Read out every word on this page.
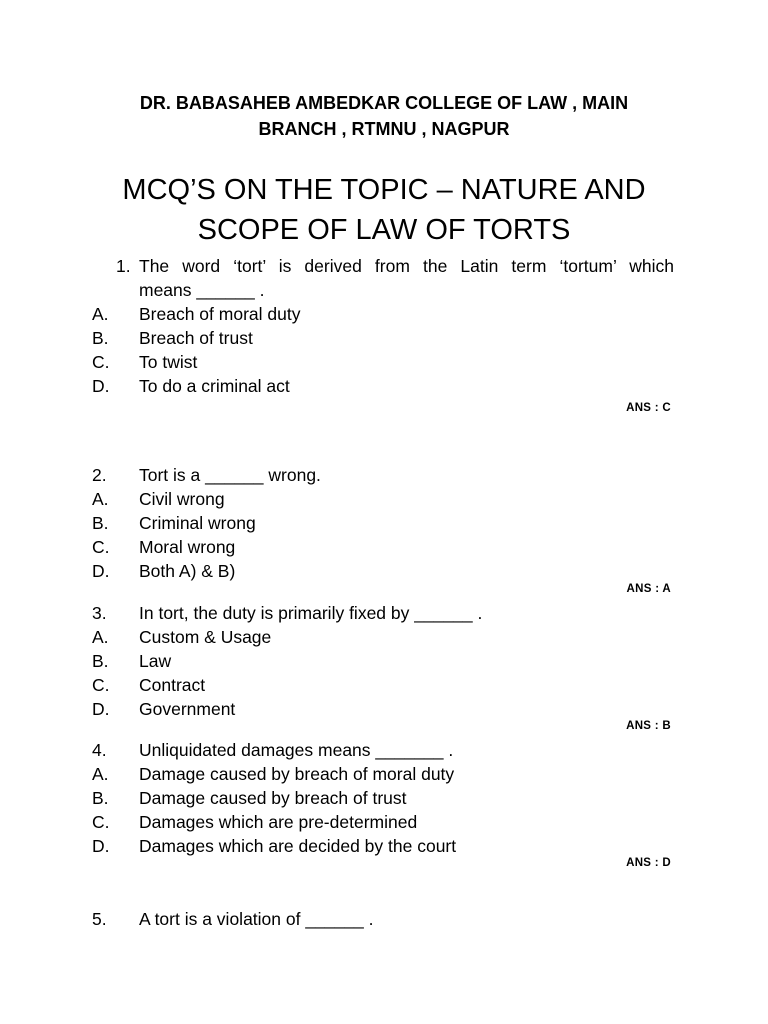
DR. BABASAHEB AMBEDKAR COLLEGE OF LAW , MAIN
BRANCH , RTMNU , NAGPUR
MCQ’S ON THE TOPIC – NATURE AND
SCOPE OF LAW OF TORTS
1. The word ‘tort’ is derived from the Latin term ‘tortum’ which
means ______ .
A. Breach of moral duty
B. Breach of trust
C. To twist
D. To do a criminal act
ANS : C
2. Tort is a ______ wrong.
A. Civil wrong
B. Criminal wrong
C. Moral wrong
D. Both A) & B)
ANS : A
3. In tort, the duty is primarily fixed by ______ .
A. Custom & Usage
B. Law
C. Contract
D. Government
ANS : B
4. Unliquidated damages means _______ .
A. Damage caused by breach of moral duty
B. Damage caused by breach of trust
C. Damages which are pre-determined
D. Damages which are decided by the court
ANS : D
5. A tort is a violation of ______ .
